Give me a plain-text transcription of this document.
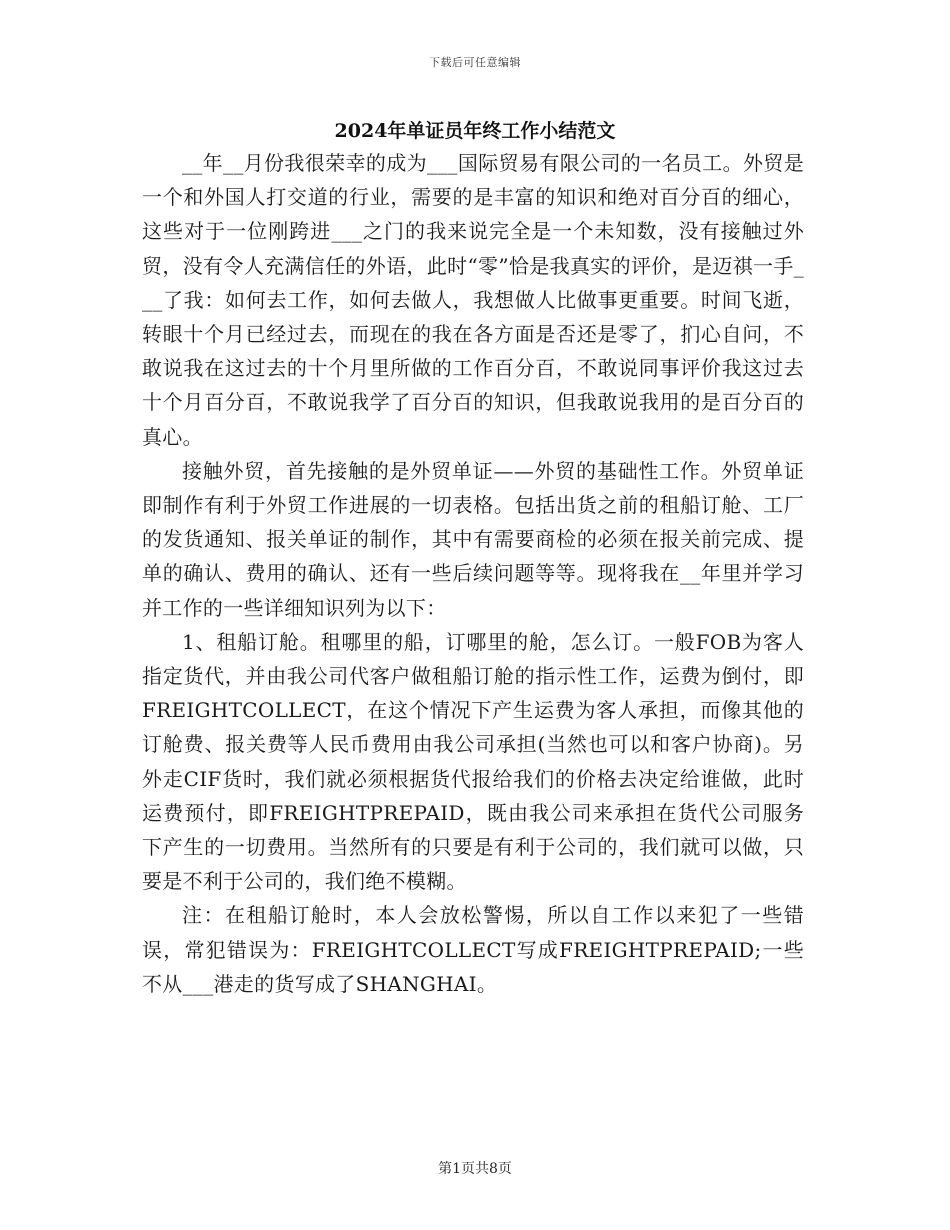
下载后可任意编辑
2024年单证员年终工作小结范文

__年__月份我很荣幸的成为___国际贸易有限公司的一名员工。外贸是一个和外国人打交道的行业，需要的是丰富的知识和绝对百分百的细心，这些对于一位刚跨进___之门的我来说完全是一个未知数，没有接触过外贸，没有令人充满信任的外语，此时“零”恰是我真实的评价，是迈祺一手___了我：如何去工作，如何去做人，我想做人比做事更重要。时间飞逝，转眼十个月已经过去，而现在的我在各方面是否还是零了，扪心自问，不敢说我在这过去的十个月里所做的工作百分百，不敢说同事评价我这过去十个月百分百，不敢说我学了百分百的知识，但我敢说我用的是百分百的真心。

接触外贸，首先接触的是外贸单证——外贸的基础性工作。外贸单证即制作有利于外贸工作进展的一切表格。包括出货之前的租船订舱、工厂的发货通知、报关单证的制作，其中有需要商检的必须在报关前完成、提单的确认、费用的确认、还有一些后续问题等等。现将我在__年里并学习并工作的一些详细知识列为以下：

1、租船订舱。租哪里的船，订哪里的舱，怎么订。一般FOB为客人指定货代，并由我公司代客户做租船订舱的指示性工作，运费为倒付，即FREIGHTCOLLECT，在这个情况下产生运费为客人承担，而像其他的订舱费、报关费等人民币费用由我公司承担(当然也可以和客户协商)。另外走CIF货时，我们就必须根据货代报给我们的价格去决定给谁做，此时运费预付，即FREIGHTPREPAID，既由我公司来承担在货代公司服务下产生的一切费用。当然所有的只要是有利于公司的，我们就可以做，只要是不利于公司的，我们绝不模糊。

注：在租船订舱时，本人会放松警惕，所以自工作以来犯了一些错误，常犯错误为：FREIGHTCOLLECT写成FREIGHTPREPAID;一些不从___港走的货写成了SHANGHAI。

第1页共8页
